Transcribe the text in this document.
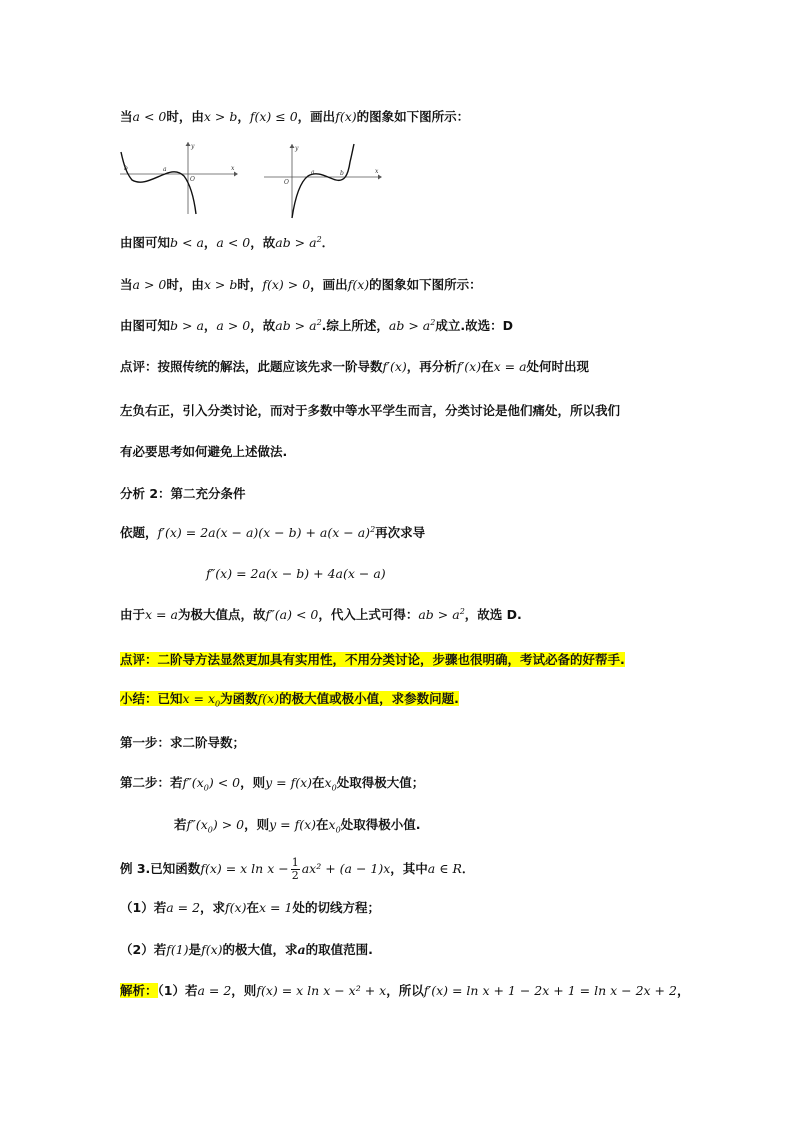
当a < 0时，由x > b，f(x) ≤ 0，画出f(x)的图象如下图所示：
b	a
O
y
x
O
a	b
y
x
由图可知b < a，a < 0，故ab > $a^2$．
当a > 0时，由x > b时，f(x) > 0，画出f(x)的图象如下图所示：
由图可知b > a，a > 0，故ab > $a^2$.综上所述，ab > $a^2$成立.故选：D
点评：按照传统的解法，此题应该先求一阶导数f′(x)，再分析f′(x)在x = a处何时出现
左负右正，引入分类讨论，而对于多数中等水平学生而言，分类讨论是他们痛处，所以我们
有必要思考如何避免上述做法.
分析 2：第二充分条件
依题，$f'(x) = 2a(x - a)(x - b) + a(x - a)^2$再次求导
f″(x) = 2a(x − b) + 4a(x − a)
由于x = a为极大值点，故f″(a) < 0，代入上式可得：ab > $a^2$，故选 D.
点评：二阶导方法显然更加具有实用性，不用分类讨论，步骤也很明确，考试必备的好帮手.
小结：已知$x = x_0$为函数f(x)的极大值或极小值，求参数问题.
第一步：求二阶导数；
第二步：若$f''(x_0) < 0$，则y = f(x)在$x_0$处取得极大值；
若$f''(x_0) > 0$，则y = f(x)在$x_0$处取得极小值.
例 3.已知函数f(x) = x $\ln x - \frac{1}{2} ax^2 + (a - 1)x$，其中a ∈ R．
（1）若a = 2，求f(x)在x = 1处的切线方程；
（2）若f(1)是f(x)的极大值，求a的取值范围.
解析：（1）若a = 2，则f(x) = x ln x − x² + x，所以f′(x) = ln x + 1 − 2x + 1 = ln x − 2x + 2，
